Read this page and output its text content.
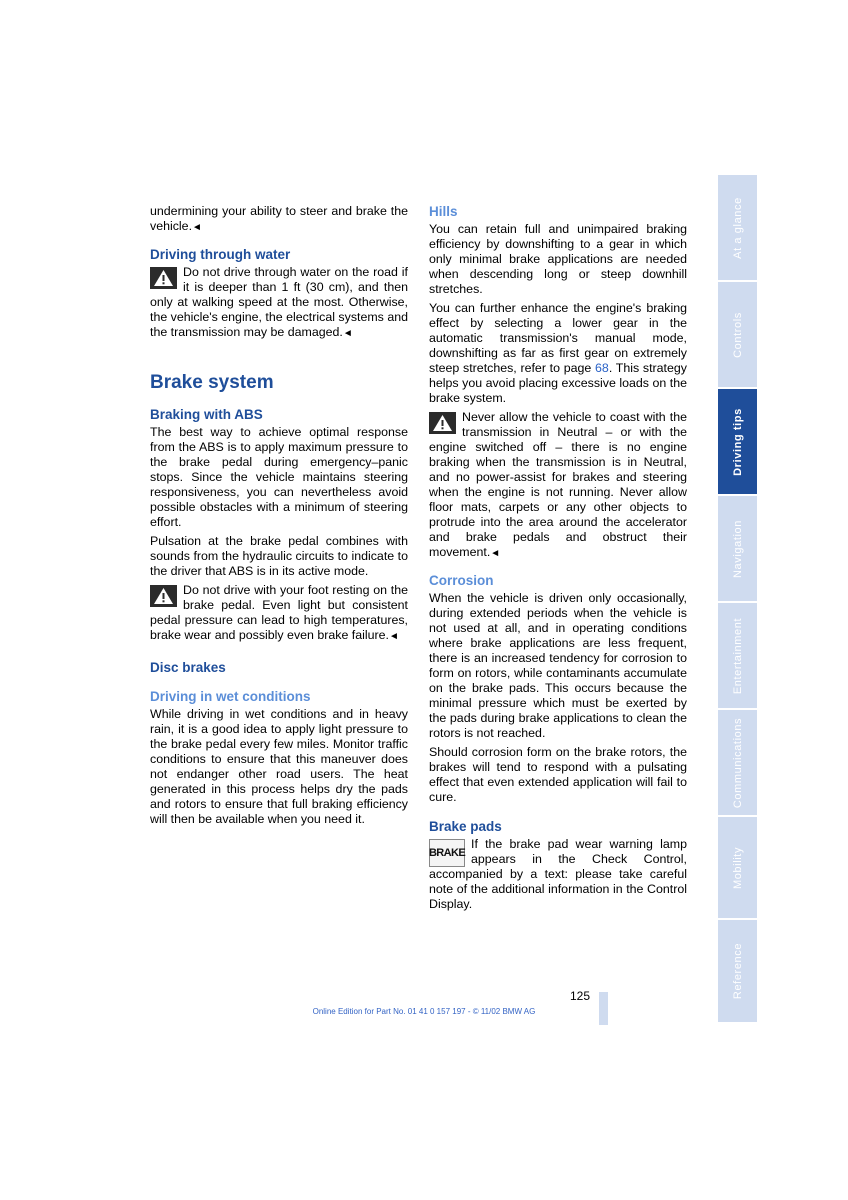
undermining your ability to steer and brake the vehicle.◄

Driving through water

Do not drive through water on the road if it is deeper than 1 ft (30 cm), and then only at walking speed at the most. Otherwise, the vehicle's engine, the electrical systems and the transmission may be damaged.◄

Brake system
Braking with ABS

The best way to achieve optimal response from the ABS is to apply maximum pressure to the brake pedal during emergency–panic stops. Since the vehicle maintains steering responsiveness, you can nevertheless avoid possible obstacles with a minimum of steering effort.

Pulsation at the brake pedal combines with sounds from the hydraulic circuits to indicate to the driver that ABS is in its active mode.

Do not drive with your foot resting on the brake pedal. Even light but consistent pedal pressure can lead to high temperatures, brake wear and possibly even brake failure.◄

Disc brakes
Driving in wet conditions

While driving in wet conditions and in heavy rain, it is a good idea to apply light pressure to the brake pedal every few miles. Monitor traffic conditions to ensure that this maneuver does not endanger other road users. The heat generated in this process helps dry the pads and rotors to ensure that full braking efficiency will then be available when you need it.

Hills

You can retain full and unimpaired braking efficiency by downshifting to a gear in which only minimal brake applications are needed when descending long or steep downhill stretches.

You can further enhance the engine's braking effect by selecting a lower gear in the automatic transmission's manual mode, downshifting as far as first gear on extremely steep stretches, refer to page 68. This strategy helps you avoid placing excessive loads on the brake system.

Never allow the vehicle to coast with the transmission in Neutral – or with the engine switched off – there is no engine braking when the transmission is in Neutral, and no power-assist for brakes and steering when the engine is not running. Never allow floor mats, carpets or any other objects to protrude into the area around the accelerator and brake pedals and obstruct their movement.◄

Corrosion

When the vehicle is driven only occasionally, during extended periods when the vehicle is not used at all, and in operating conditions where brake applications are less frequent, there is an increased tendency for corrosion to form on rotors, while contaminants accumulate on the brake pads. This occurs because the minimal pressure which must be exerted by the pads during brake applications to clean the rotors is not reached.

Should corrosion form on the brake rotors, the brakes will tend to respond with a pulsating effect that even extended application will fail to cure.

Brake pads
BRAKE

If the brake pad wear warning lamp appears in the Check Control, accompanied by a text: please take careful note of the additional information in the Control Display.

At a glance
Controls
Driving tips
Navigation
Entertainment
Communications
Mobility
Reference
125
Online Edition for Part No. 01 41 0 157 197 - © 11/02 BMW AG
